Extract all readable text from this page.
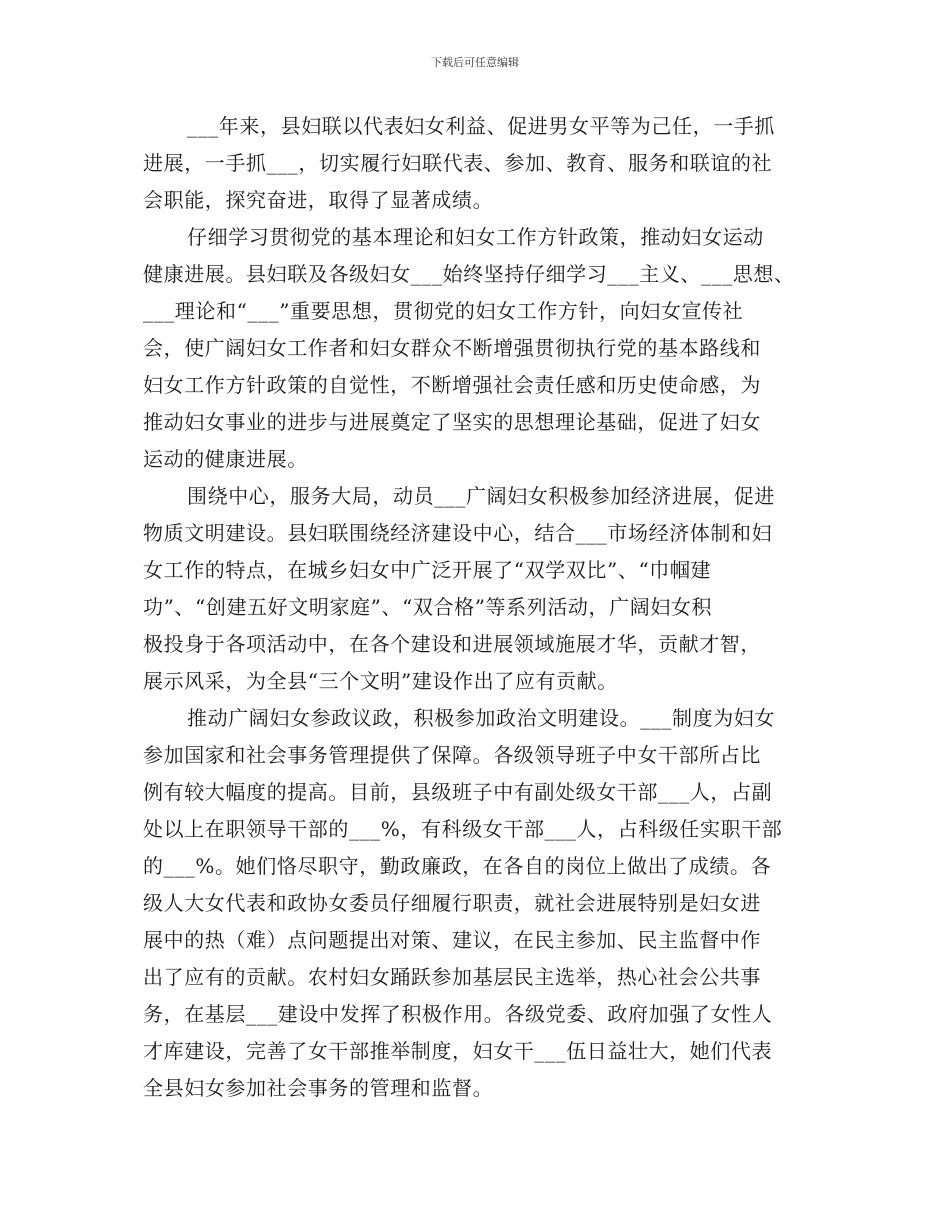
下载后可任意编辑
___年来，县妇联以代表妇女利益、促进男女平等为己任，一手抓
进展，一手抓___，切实履行妇联代表、参加、教育、服务和联谊的社
会职能，探究奋进，取得了显著成绩。
仔细学习贯彻党的基本理论和妇女工作方针政策，推动妇女运动
健康进展。县妇联及各级妇女___始终坚持仔细学习___主义、___思想、
___理论和“___”重要思想，贯彻党的妇女工作方针，向妇女宣传社
会，使广阔妇女工作者和妇女群众不断增强贯彻执行党的基本路线和
妇女工作方针政策的自觉性，不断增强社会责任感和历史使命感，为
推动妇女事业的进步与进展奠定了坚实的思想理论基础，促进了妇女
运动的健康进展。
围绕中心，服务大局，动员___广阔妇女积极参加经济进展，促进
物质文明建设。县妇联围绕经济建设中心，结合___市场经济体制和妇
女工作的特点，在城乡妇女中广泛开展了“双学双比”、“巾帼建
功”、“创建五好文明家庭”、“双合格”等系列活动，广阔妇女积
极投身于各项活动中，在各个建设和进展领域施展才华，贡献才智，
展示风采，为全县“三个文明”建设作出了应有贡献。
推动广阔妇女参政议政，积极参加政治文明建设。___制度为妇女
参加国家和社会事务管理提供了保障。各级领导班子中女干部所占比
例有较大幅度的提高。目前，县级班子中有副处级女干部___人，占副
处以上在职领导干部的___%，有科级女干部___人，占科级任实职干部
的___%。她们恪尽职守，勤政廉政，在各自的岗位上做出了成绩。各
级人大女代表和政协女委员仔细履行职责，就社会进展特别是妇女进
展中的热（难）点问题提出对策、建议，在民主参加、民主监督中作
出了应有的贡献。农村妇女踊跃参加基层民主选举，热心社会公共事
务，在基层___建设中发挥了积极作用。各级党委、政府加强了女性人
才库建设，完善了女干部推举制度，妇女干___伍日益壮大，她们代表
全县妇女参加社会事务的管理和监督。
